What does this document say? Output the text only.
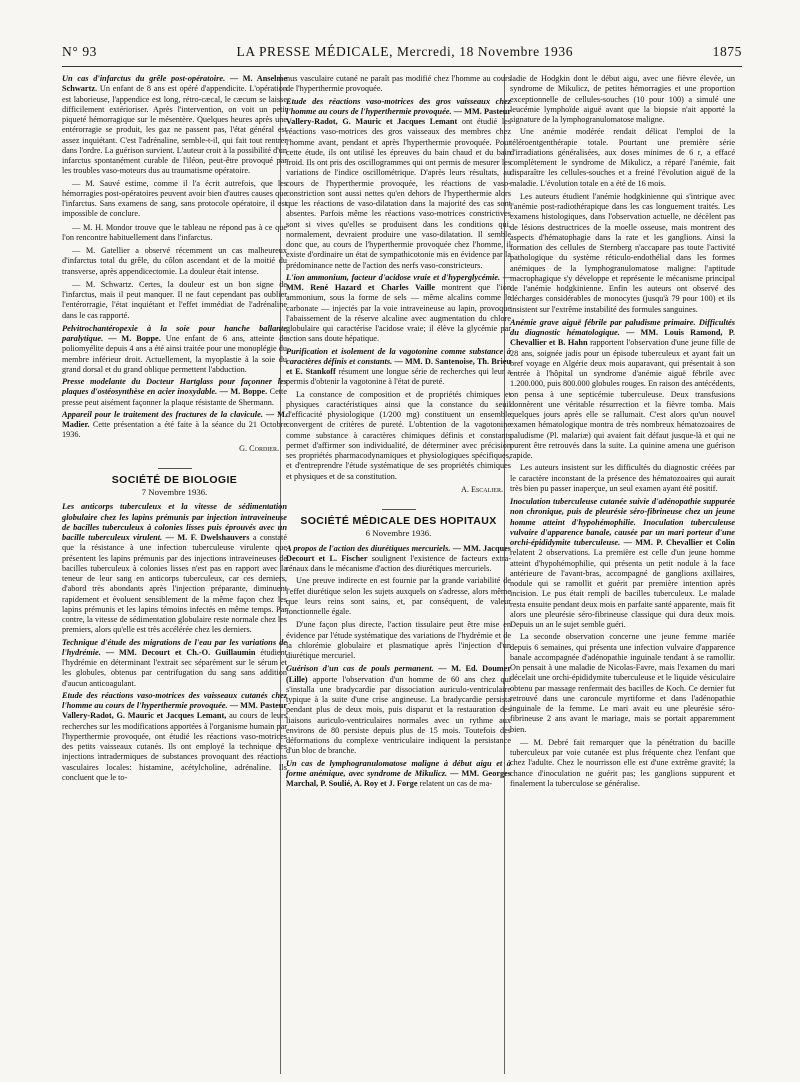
N° 93	LA PRESSE MÉDICALE, Mercredi, 18 Novembre 1936	1875
Un cas d'infarctus du grêle post-opératoire. — M. Anselme Schwartz. Un enfant de 8 ans est opéré d'appendicite. L'opération est laborieuse, l'appendice est long, rétro-cæcal, le cæcum se laisse difficilement extérioriser. Après l'intervention, on voit un petit piqueté hémorragique sur le mésentère. Quelques heures après une entérorragie se produit, les gaz ne passent pas, l'état général est assez inquiétant. C'est l'adrénaline, semble-t-il, qui fait tout rentrer dans l'ordre. La guérison survient. L'auteur croit à la possibilité d'un infarctus spontanément curable de l'iléon, peut-être provoqué par les troubles vaso-moteurs dus au traumatisme opératoire.

— M. Sauvé estime, comme il l'a écrit autrefois, que les hémorragies post-opératoires peuvent avoir bien d'autres causes que l'infarctus. Sans examens de sang, sans protocole opératoire, il est impossible de conclure.

— M. H. Mondor trouve que le tableau ne répond pas à ce que l'on rencontre habituellement dans l'infarctus.

— M. Gatellier a observé récemment un cas malheureux d'infarctus total du grêle, du côlon ascendant et de la moitié du transverse, après appendicectomie. La douleur était intense.

— M. Schwartz. Certes, la douleur est un bon signe de l'infarctus, mais il peut manquer. Il ne faut cependant pas oublier l'entérorragie, l'état inquiétant et l'effet immédiat de l'adrénaline dans le cas rapporté.

Pelvitrochantéropexie à la soie pour hanche ballante paralytique. — M. Boppe. Une enfant de 6 ans, atteinte de poliomyélite depuis 4 ans a été ainsi traitée pour une monoplégie du membre inférieur droit. Actuellement, la myoplastie à la soie du grand dorsal et du grand oblique permettent l'abduction.
Presse modelante du Docteur Hartglass pour façonner les plaques d'ostéosynthèse en acier inoxydable. — M. Boppe. Cette presse peut aisément façonner la plaque résistante de Shermann.
Appareil pour le traitement des fractures de la clavicule. — M. Madier. Cette présentation a été faite à la séance du 21 Octobre 1936.
G. Cordier.
SOCIÉTÉ DE BIOLOGIE
7 Novembre 1936.
Les anticorps tuberculeux et la vitesse de sédimentation globulaire chez les lapins prémunis par injection intraveineuse de bacilles tuberculeux à colonies lisses puis éprouvés avec un bacille tuberculeux virulent. — M. F. Dwelshauvers a constaté que la résistance à une infection tuberculeuse virulente que présentent les lapins prémunis par des injections intraveineuses de bacilles tuberculeux à colonies lisses n'est pas en rapport avec la teneur de leur sang en anticorps tuberculeux, car ces derniers, d'abord très abondants après l'injection préparante, diminuent rapidement et évoluent sensiblement de la même façon chez les lapins prémunis et les lapins témoins infectés en même temps. Par contre, la vitesse de sédimentation globulaire reste normale chez les premiers, alors qu'elle est très accélérée chez les derniers.
Technique d'étude des migrations de l'eau par les variations de l'hydrémie. — MM. Decourt et Ch.-O. Guillaumin étudient l'hydrémie en déterminant l'extrait sec séparément sur le sérum et les globules, obtenus par centrifugation du sang sans addition d'aucun anticoagulant.
Etude des réactions vaso-motrices des vaisseaux cutanés chez l'homme au cours de l'hyperthermie provoquée. — MM. Pasteur Vallery-Radot, G. Mauric et Jacques Lemant, au cours de leurs recherches sur les modifications apportées à l'organisme humain par l'hyperthermie provoquée, ont étudié les réactions vaso-motrices des petits vaisseaux cutanés. Ils ont employé la technique des injections intradermiques de substances provoquant des réactions vasculaires locales: histamine, acétylcholine, adrénaline. Ils concluent que le to-
nus vasculaire cutané ne paraît pas modifié chez l'homme au cours de l'hyperthermie provoquée.
Etude des réactions vaso-motrices des gros vaisseaux chez l'homme au cours de l'hyperthermie provoquée. — MM. Pasteur Vallery-Radot, G. Mauric et Jacques Lemant ont étudié les réactions vaso-motrices des gros vaisseaux des membres chez l'homme avant, pendant et après l'hyperthermie provoquée. Pour cette étude, ils ont utilisé les épreuves du bain chaud et du bain froid. Ils ont pris des oscillogrammes qui ont permis de mesurer les variations de l'indice oscillométrique. D'après leurs résultats, au cours de l'hyperthermie provoquée, les réactions de vaso-constriction sont aussi nettes qu'en dehors de l'hyperthermie alors que les réactions de vaso-dilatation dans la majorité des cas sont absentes. Parfois même les réactions vaso-motrices constrictives sont si vives qu'elles se produisent dans les conditions qui, normalement, devraient produire une vaso-dilatation. Il semble donc que, au cours de l'hyperthermie provoquée chez l'homme, il existe d'ordinaire un état de sympathicotonie mis en évidence par la prédominance nette de l'action des nerfs vaso-constricteurs.
L'ion ammonium, facteur d'acidose vraie et d'hyperglycémie. — MM. René Hazard et Charles Vaille montrent que l'ion ammonium, sous la forme de sels — même alcalins comme le carbonate — injectés par la voie intraveineuse au lapin, provoque l'abaissement de la réserve alcaline avec augmentation du chlore globulaire qui caractérise l'acidose vraie; il élève la glycémie par action sans doute hépatique.
Purification et isolement de la vagotonine comme substance à caractères définis et constants. — MM. D. Santenoise, Th. Brieu et E. Stankoff résument une longue série de recherches qui leur a permis d'obtenir la vagotonine à l'état de pureté.

La constance de composition et de propriétés chimiques et physiques caractéristiques ainsi que la constance du seuil d'efficacité physiologique (1/200 mg) constituent un ensemble convergent de critères de pureté. L'obtention de la vagotonine comme substance à caractères chimiques définis et constants permet d'affirmer son individualité, de déterminer avec précision ses propriétés pharmacodynamiques et physiologiques spécifiques, et d'entreprendre l'étude systématique de ses propriétés chimiques et physiques et de sa constitution.

A. Escalier.
SOCIÉTÉ MÉDICALE DES HOPITAUX
6 Novembre 1936.
A propos de l'action des diurétiques mercuriels. — MM. Jacques Decourt et L. Fischer soulignent l'existence de facteurs extra-rénaux dans le mécanisme d'action des diurétiques mercuriels.

Une preuve indirecte en est fournie par la grande variabilité de l'effet diurétique selon les sujets auxquels on s'adresse, alors même que leurs reins sont sains, et, par conséquent, de valeur fonctionnelle égale.

D'une façon plus directe, l'action tissulaire peut être mise en évidence par l'étude systématique des variations de l'hydrémie et de la chlorémie globulaire et plasmatique après l'injection d'un diurétique mercuriel.

Guérison d'un cas de pouls permanent. — M. Ed. Doumer (Lille) apporte l'observation d'un homme de 60 ans chez qui s'installa une bradycardie par dissociation auriculo-ventriculaire typique à la suite d'une crise angineuse. La bradycardie persista pendant plus de deux mois, puis disparut et la restauration des liaisons auriculo-ventriculaires normales avec un rythme aux environs de 80 persiste depuis plus de 15 mois. Toutefois des déformations du complexe ventriculaire indiquent la persistance d'un bloc de branche.
Un cas de lymphogranulomatose maligne à début aigu et à forme anémique, avec syndrome de Mikulicz. — MM. Georges Marchal, P. Soulié, A. Roy et J. Forge relatent un cas de ma-
ladie de Hodgkin dont le début aigu, avec une fièvre élevée, un syndrome de Mikulicz, de petites hémorragies et une proportion exceptionnelle de cellules-souches (10 pour 100) a simulé une leucémie lymphoïde aiguë avant que la biopsie n'ait apporté la signature de la lymphogranulomatose maligne.

Une anémie modérée rendait délicat l'emploi de la téléroentgenthérapie totale. Pourtant une première série d'irradiations généralisées, aux doses minimes de 6 r, a effacé complètement le syndrome de Mikulicz, a réparé l'anémie, fait disparaître les cellules-souches et a freiné l'évolution aiguë de la maladie. L'évolution totale en a été de 16 mois.

Les auteurs étudient l'anémie hodgkinienne qui s'intrique avec l'anémie post-radiothérapique dans les cas longuement traités. Les examens histologiques, dans l'observation actuelle, ne décèlent pas de lésions destructrices de la moelle osseuse, mais montrent des aspects d'hématophagie dans la rate et les ganglions. Ainsi la formation des cellules de Sternberg n'accapare pas toute l'activité pathologique du système réticulo-endothélial dans les formes anémiques de la lymphogranulomatose maligne: l'aptitude macrophagique s'y développe et représente le mécanisme principal de l'anémie hodgkinienne. Enfin les auteurs ont observé des décharges considérables de monocytes (jusqu'à 79 pour 100) et ils insistent sur l'extrême instabilité des formules sanguines.

Anémie grave aiguë fébrile par paludisme primaire. Difficultés du diagnostic hématologique. — MM. Louis Ramond, P. Chevallier et B. Hahn rapportent l'observation d'une jeune fille de 28 ans, soignée jadis pour un épisode tuberculeux et ayant fait un bref voyage en Algérie deux mois auparavant, qui présentait à son entrée à l'hôpital un syndrome d'anémie aiguë fébrile avec 1.200.000, puis 800.000 globules rouges. En raison des antécédents, on pensa à une septicémie tuberculeuse. Deux transfusions donnèrent une véritable résurrection et la fièvre tomba. Mais quelques jours après elle se rallumait. C'est alors qu'un nouvel examen hématologique montra de très nombreux hématozoaires de paludisme (Pl. malariæ) qui avaient fait défaut jusque-là et qui ne purent être retrouvés dans la suite. La quinine amena une guérison rapide.

Les auteurs insistent sur les difficultés du diagnostic créées par le caractère inconstant de la présence des hématozoaires qui aurait très bien pu passer inaperçue, un seul examen ayant été positif.

Inoculation tuberculeuse cutanée suivie d'adénopathie suppurée non chronique, puis de pleurésie séro-fibrineuse chez un jeune homme atteint d'hypohémophilie. Inoculation tuberculeuse vulvaire d'apparence banale, causée par un mari porteur d'une orchi-épididymite tuberculeuse. — MM. P. Chevallier et Colin relatent 2 observations. La première est celle d'un jeune homme atteint d'hypohémophilie, qui présenta un petit nodule à la face antérieure de l'avant-bras, accompagné de ganglions axillaires, nodule qui se ramollit et guérit par première intention après incision. Le pus était rempli de bacilles tuberculeux. Le malade resta ensuite pendant deux mois en parfaite santé apparente, mais fit alors une pleurésie séro-fibrineuse classique qui dura deux mois. Depuis un an le sujet semble guéri.

La seconde observation concerne une jeune femme mariée depuis 6 semaines, qui présenta une infection vulvaire d'apparence banale accompagnée d'adénopathie inguinale tendant à se ramollir. On pensait à une maladie de Nicolas-Favre, mais l'examen du mari décelait une orchi-épididymite tuberculeuse et le liquide vésiculaire obtenu par massage renfermait des bacilles de Koch. Ce dernier fut retrouvé dans une caroncule myrtiforme et dans l'adénopathie inguinale de la femme. Le mari avait eu une pleurésie séro-fibrineuse 2 ans avant le mariage, mais se portait apparemment bien.

— M. Debré fait remarquer que la pénétration du bacille tuberculeux par voie cutanée est plus fréquente chez l'enfant que chez l'adulte. Chez le nourrisson elle est d'une extrême gravité; la chance d'inoculation ne guérit pas; les ganglions suppurent et finalement la tuberculose se généralise.
